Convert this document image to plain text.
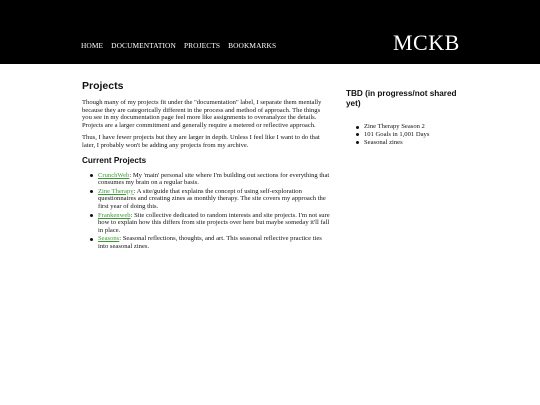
HOME DOCUMENTATION PROJECTS BOOKMARKS	MCKB
Projects

Though many of my projects fit under the "documentation" label, I separate them mentally because they are categorically different in the process and method of approach. The things you see in my documentation page feel more like assignments to overanalyze the details. Projects are a larger commitment and generally require a metered or reflective approach.

Thus, I have fewer projects but they are larger in depth. Unless I feel like I want to do that later, I probably won't be adding any projects from my archive.

Current Projects
CrunchWeb: My 'main' personal site where I'm building out sections for everything that consumes my brain on a regular basis.
Zine Therapy: A site/guide that explains the concept of using self-exploration questionnaires and creating zines as monthly therapy. The site covers my approach the first year of doing this.
Frankenweb: Site collective dedicated to random interests and site projects. I'm not sure how to explain how this differs from site projects over here but maybe someday it'll fall in place.
Seasons: Seasonal reflections, thoughts, and art. This seasonal reflective practice ties into seasonal zines.
TBD (in progress/not shared yet)
Zine Therapy Season 2
101 Goals in 1,001 Days
Seasonal zines
